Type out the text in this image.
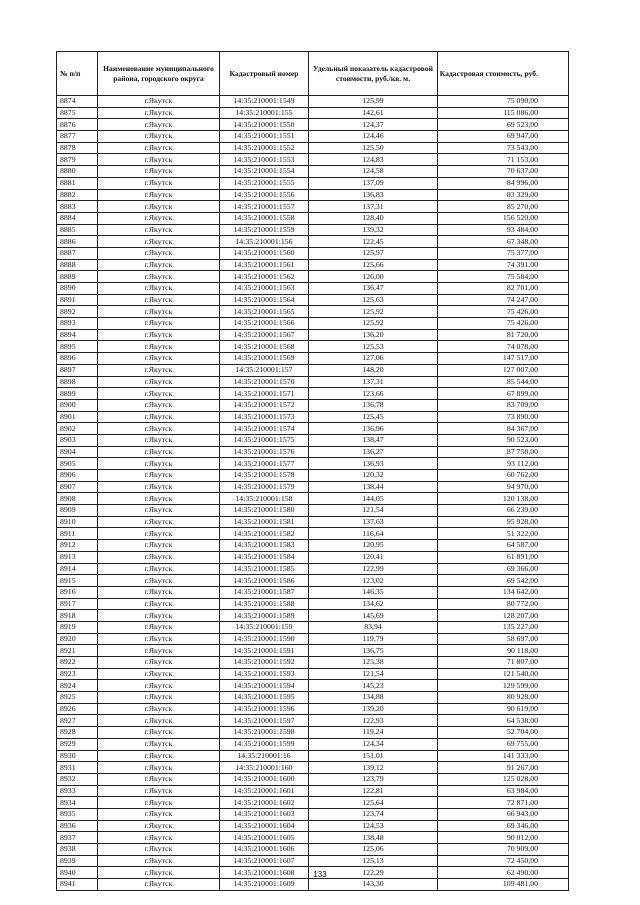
№ п/п	Наименование муниципального района, городского округа	Кадастровый номер	Удельный показатель кадастровой стоимости, руб./кв. м.	Кадастровая стоимость, руб.
8874	г.Якутск	14:35:210001:1549	125,99	75 090,00
8875	г.Якутск	14:35:210001:155	142,61	115 086,00
8876	г.Якутск	14:35:210001:1550	124,37	69 523,00
8877	г.Якутск	14:35:210001:1551	124,46	69 947,00
8878	г.Якутск	14:35:210001:1552	125,50	73 543,00
8879	г.Якутск	14:35:210001:1553	124,83	71 153,00
8880	г.Якутск	14:35:210001:1554	124,58	70 637,00
8881	г.Якутск	14:35:210001:1555	137,09	84 996,00
8882	г.Якутск	14:35:210001:1556	136,83	83 329,00
8883	г.Якутск	14:35:210001:1557	137,31	85 270,00
8884	г.Якутск	14:35:210001:1558	128,40	156 520,00
8885	г.Якутск	14:35:210001:1559	139,32	93 484,00
8886	г.Якутск	14:35:210001:156	122,45	67 348,00
8887	г.Якутск	14:35:210001:1560	125,97	75 377,00
8888	г.Якутск	14:35:210001:1561	125,66	74 391,00
8889	г.Якутск	14:35:210001:1562	126,00	75 584,00
8890	г.Якутск	14:35:210001:1563	136,47	82 701,00
8891	г.Якутск	14:35:210001:1564	125,63	74 247,00
8892	г.Якутск	14:35:210001:1565	125,92	75 426,00
8893	г.Якутск	14:35:210001:1566	125,92	75 426,00
8894	г.Якутск	14:35:210001:1567	136,20	81 720,00
8895	г.Якутск	14:35:210001:1568	125,53	74 078,00
8896	г.Якутск	14:35:210001:1569	127,06	147 517,00
8897	г.Якутск	14:35:210001:157	148,20	127 007,00
8898	г.Якутск	14:35:210001:1570	137,31	85 544,00
8899	г.Якутск	14:35:210001:1571	123,66	67 899,00
8900	г.Якутск	14:35:210001:1572	136,78	83 709,00
8901	г.Якутск	14:35:210001:1573	125,45	73 890,00
8902	г.Якутск	14:35:210001:1574	136,96	84 367,00
8903	г.Якутск	14:35:210001:1575	138,47	90 523,00
8904	г.Якутск	14:35:210001:1576	136,27	87 758,00
8905	г.Якутск	14:35:210001:1577	136,93	93 112,00
8906	г.Якутск	14:35:210001:1578	120,32	60 762,00
8907	г.Якутск	14:35:210001:1579	138,44	94 970,00
8908	г.Якутск	14:35:210001:158	144,05	120 138,00
8909	г.Якутск	14:35:210001:1580	121,54	66 239,00
8910	г.Якутск	14:35:210001:1581	137,63	95 928,00
8911	г.Якутск	14:35:210001:1582	116,64	51 322,00
8912	г.Якутск	14:35:210001:1583	120,95	64 587,00
8913	г.Якутск	14:35:210001:1584	120,41	61 891,00
8914	г.Якутск	14:35:210001:1585	122,99	69 366,00
8915	г.Якутск	14:35:210001:1586	123,02	69 542,00
8916	г.Якутск	14:35:210001:1587	146,35	134 642,00
8917	г.Якутск	14:35:210001:1588	134,62	80 772,00
8918	г.Якутск	14:35:210001:1589	145,69	128 207,00
8919	г.Якутск	14:35:210001:159	83,94	135 227,00
8920	г.Якутск	14:35:210001:1590	119,79	58 697,00
8921	г.Якутск	14:35:210001:1591	136,75	90 118,00
8922	г.Якутск	14:35:210001:1592	125,38	71 807,00
8923	г.Якутск	14:35:210001:1593	121,54	121 540,00
8924	г.Якутск	14:35:210001:1594	145,23	129 599,00
8925	г.Якутск	14:35:210001:1595	134,88	80 928,00
8926	г.Якутск	14:35:210001:1596	139,20	90 619,00
8927	г.Якутск	14:35:210001:1597	122,93	64 538,00
8928	г.Якутск	14:35:210001:1598	119,24	52 704,00
8929	г.Якутск	14:35:210001:1599	124,34	69 755,00
8930	г.Якутск	14:35:210001:16	151,01	141 333,00
8931	г.Якутск	14:35:210001:160	139,12	91 267,00
8932	г.Якутск	14:35:210001:1600	123,79	125 028,00
8933	г.Якутск	14:35:210001:1601	122,81	63 984,00
8934	г.Якутск	14:35:210001:1602	125,64	72 871,00
8935	г.Якутск	14:35:210001:1603	123,74	66 943,00
8936	г.Якутск	14:35:210001:1604	124,53	69 346,00
8937	г.Якутск	14:35:210001:1605	138,48	90 012,00
8938	г.Якутск	14:35:210001:1606	125,06	70 909,00
8939	г.Якутск	14:35:210001:1607	125,13	72 450,00
8940	г.Якутск	14:35:210001:1608	122,29	62 490,00
8941	г.Якутск	14:35:210001:1609	143,30	109 481,00
133
